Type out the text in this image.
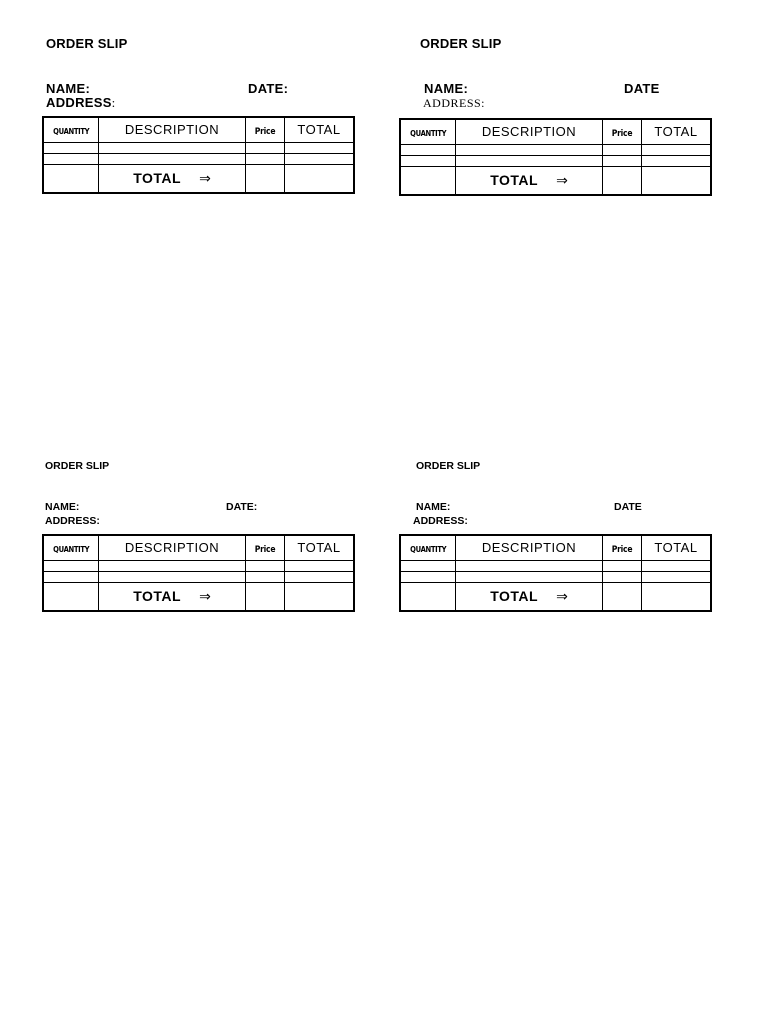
ORDER SLIP
NAME:	DATE:
ADDRESS:
QUANTITY	DESCRIPTION	Price	TOTAL

	TOTAL ⇒		
ORDER SLIP
NAME:	DATE
ADDRESS:
QUANTITY	DESCRIPTION	Price	TOTAL

	TOTAL ⇒		
ORDER SLIP
NAME:	DATE:
ADDRESS:
QUANTITY	DESCRIPTION	Price	TOTAL

	TOTAL ⇒		
ORDER SLIP
NAME:	DATE
ADDRESS:
QUANTITY	DESCRIPTION	Price	TOTAL

	TOTAL ⇒		
